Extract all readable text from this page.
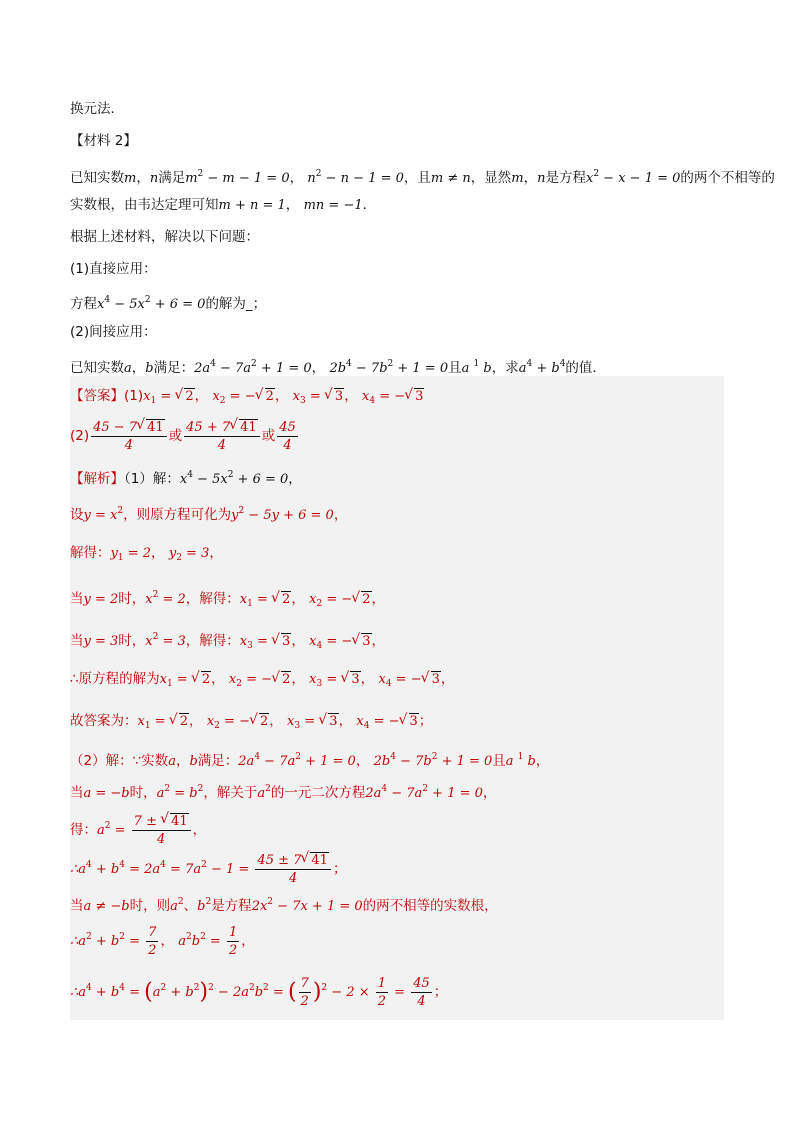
换元法．
【材料 2】
已知实数m，n满足$m^2 - m - 1 = 0$， $n^2 - n - 1 = 0$，且m ≠ n，显然m，n是方程$x^2 - x - 1 = 0$的两个不相等的
实数根，由韦达定理可知m + n = 1， mn = −1．
根据上述材料，解决以下问题：
(1)直接应用：
方程$x^4 - 5x^2 + 6 = 0$的解为_；
(2)间接应用：
已知实数a，b满足：$2a^4 - 7a^2 + 1 = 0$， $2b^4 - 7b^2 + 1 = 0$且a $^1$ b，求$a^4 + b^4$的值．
【答案】$(1)x_1$ = √ 2， $x_2$ = − √ 2， $x_3$ = √ 3， $x_4$ = − √ 3
$(2) \frac{45 - 7 √ 41}{4}$ 或 $\frac{45 + 7 √ 41}{4}$ 或 $\frac{45}{4}$
【解析】（1）解：$x^4 - 5x^2 + 6 = 0$，
设$y = x^2$，则原方程可化为$y^2 - 5y + 6 = 0$，
解得：$y_1 = 2$， $y_2 = 3$，
当y = 2时，$x^2 = 2$，解得：$x_1$ = √ 2， $x_2$ = − √ 2，
当y = 3时，$x^2 = 3$，解得：$x_3$ = √ 3， $x_4$ = − √ 3，
∴原方程的解为$x_1$ = √ 2， $x_2$ = − √ 2， $x_3$ = √ 3， $x_4$ = − √ 3，
故答案为：$x_1$ = √ 2， $x_2$ = − √ 2， $x_3$ = √ 3， $x_4$ = − √ 3；
（2）解：∵实数a，b满足：$2a^4 - 7a^2 + 1 = 0$， $2b^4 - 7b^2 + 1 = 0$且a $^1$ b，
当a = −b时，$a^2 = b^2$，解关于$a^2$的一元二次方程$2a^4 - 7a^2 + 1 = 0$，
得：$a^2 = \frac{7 \pm √ 41}{4}$ ，
$\therefore a^4 + b^4 = 2a^4 = 7a^2 - 1 = \frac{45 \pm 7 √ 41}{4}$ ；
当a ≠ −b时，则$a^2$、$b^2$是方程$2x^2 - 7x + 1 = 0$的两不相等的实数根，
$\therefore a^2 + b^2 = \frac{7}{2}$ ， $a^2b^2 = \frac{1}{2}$ ，
$\therefore a^4 + b^4 = (a^2 + b^2)^2 - 2a^2b^2$ = ( $\frac{7}{2} )^2 - 2 \times \frac{1}{2} = \frac{45}{4}$ ；
